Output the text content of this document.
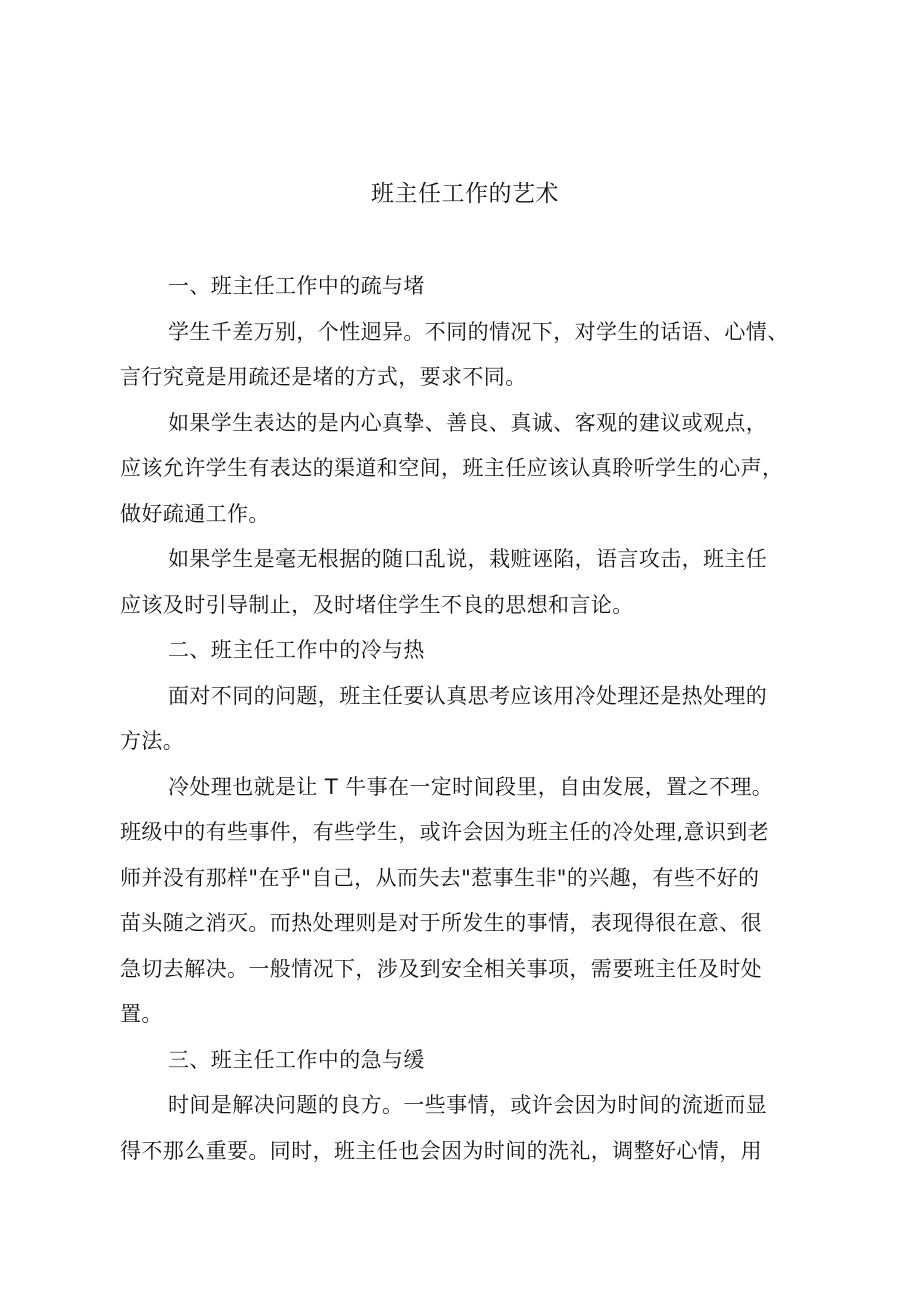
班主任工作的艺术
一、班主任工作中的疏与堵
学生千差万别，个性迥异。不同的情况下，对学生的话语、心情、
言行究竟是用疏还是堵的方式，要求不同。
如果学生表达的是内心真挚、善良、真诚、客观的建议或观点，
应该允许学生有表达的渠道和空间，班主任应该认真聆听学生的心声，
做好疏通工作。
如果学生是毫无根据的随口乱说，栽赃诬陷，语言攻击，班主任
应该及时引导制止，及时堵住学生不良的思想和言论。
二、班主任工作中的冷与热
面对不同的问题，班主任要认真思考应该用冷处理还是热处理的
方法。
冷处理也就是让 T 牛事在一定时间段里，自由发展，置之不理。
班级中的有些事件，有些学生，或许会因为班主任的冷处理,意识到老
师并没有那样"在乎"自己，从而失去"惹事生非"的兴趣，有些不好的
苗头随之消灭。而热处理则是对于所发生的事情，表现得很在意、很
急切去解决。一般情况下，涉及到安全相关事项，需要班主任及时处
置。
三、班主任工作中的急与缓
时间是解决问题的良方。一些事情，或许会因为时间的流逝而显
得不那么重要。同时，班主任也会因为时间的洗礼，调整好心情，用
